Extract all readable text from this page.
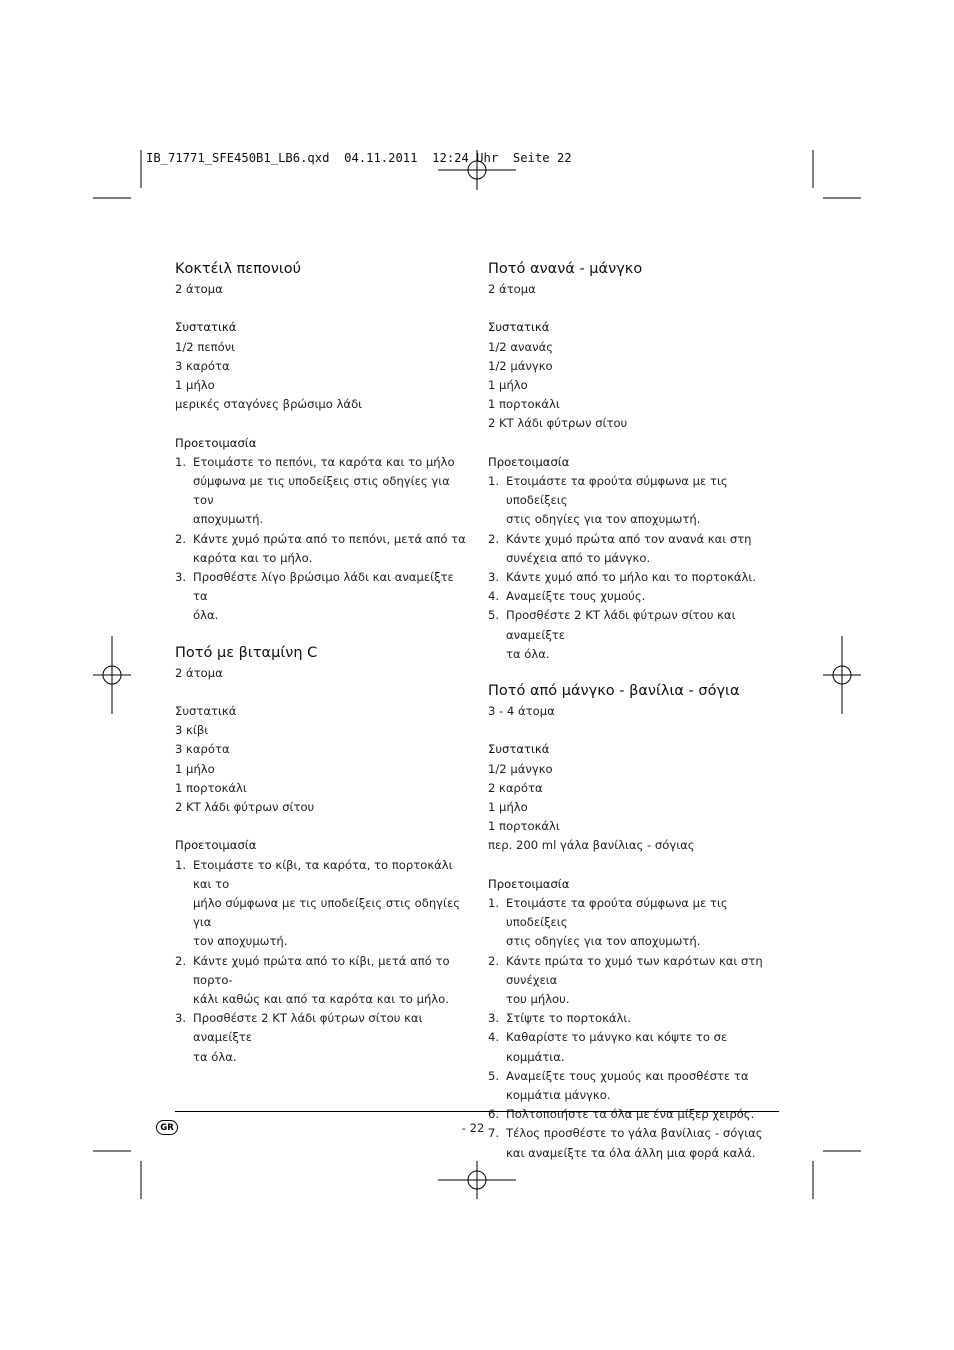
IB_71771_SFE450B1_LB6.qxd  04.11.2011  12:24 Uhr  Seite 22
Κοκτέιλ πεπονιού

2 άτομα

Συστατικά

1/2 πεπόνι

3 καρότα

1 μήλο

μερικές σταγόνες βρώσιμο λάδι

Προετοιμασία

1. Ετοιμάστε το πεπόνι, τα καρότα και το μήλο
σύμφωνα με τις υποδείξεις στις οδηγίες για τον
αποχυμωτή.
2. Κάντε χυμό πρώτα από το πεπόνι, μετά από τα
καρότα και το μήλο.
3. Προσθέστε λίγο βρώσιμο λάδι και αναμείξτε τα
όλα.
Ποτό με βιταμίνη C

2 άτομα

Συστατικά

3 κίβι

3 καρότα

1 μήλο

1 πορτοκάλι

2 ΚΤ λάδι φύτρων σίτου

Προετοιμασία

1. Ετοιμάστε το κίβι, τα καρότα, το πορτοκάλι και το
μήλο σύμφωνα με τις υποδείξεις στις οδηγίες για
τον αποχυμωτή.
2. Κάντε χυμό πρώτα από το κίβι, μετά από το πορτο-
κάλι καθώς και από τα καρότα και το μήλο.
3. Προσθέστε 2 ΚΤ λάδι φύτρων σίτου και αναμείξτε
τα όλα.
Ποτό ανανά - μάνγκο

2 άτομα

Συστατικά

1/2 ανανάς

1/2 μάνγκο

1 μήλο

1 πορτοκάλι

2 ΚΤ λάδι φύτρων σίτου

Προετοιμασία

1. Ετοιμάστε τα φρούτα σύμφωνα με τις υποδείξεις
στις οδηγίες για τον αποχυμωτή.
2. Κάντε χυμό πρώτα από τον ανανά και στη
συνέχεια από το μάνγκο.
3. Κάντε χυμό από το μήλο και το πορτοκάλι.
4. Αναμείξτε τους χυμούς.
5. Προσθέστε 2 ΚΤ λάδι φύτρων σίτου και αναμείξτε
τα όλα.
Ποτό από μάνγκο - βανίλια - σόγια

3 - 4 άτομα

Συστατικά

1/2 μάνγκο

2 καρότα

1 μήλο

1 πορτοκάλι

περ. 200 ml γάλα βανίλιας - σόγιας

Προετοιμασία

1. Ετοιμάστε τα φρούτα σύμφωνα με τις υποδείξεις
στις οδηγίες για τον αποχυμωτή.
2. Κάντε πρώτα το χυμό των καρότων και στη συνέχεια
του μήλου.
3. Στίψτε το πορτοκάλι.
4. Καθαρίστε το μάνγκο και κόψτε το σε κομμάτια.
5. Αναμείξτε τους χυμούς και προσθέστε τα
κομμάτια μάνγκο.
6. Πολτοποιήστε τα όλα με ένα μίξερ χειρός.
7. Τέλος προσθέστε το γάλα βανίλιας - σόγιας
και αναμείξτε τα όλα άλλη μια φορά καλά.
GR	- 22 -
